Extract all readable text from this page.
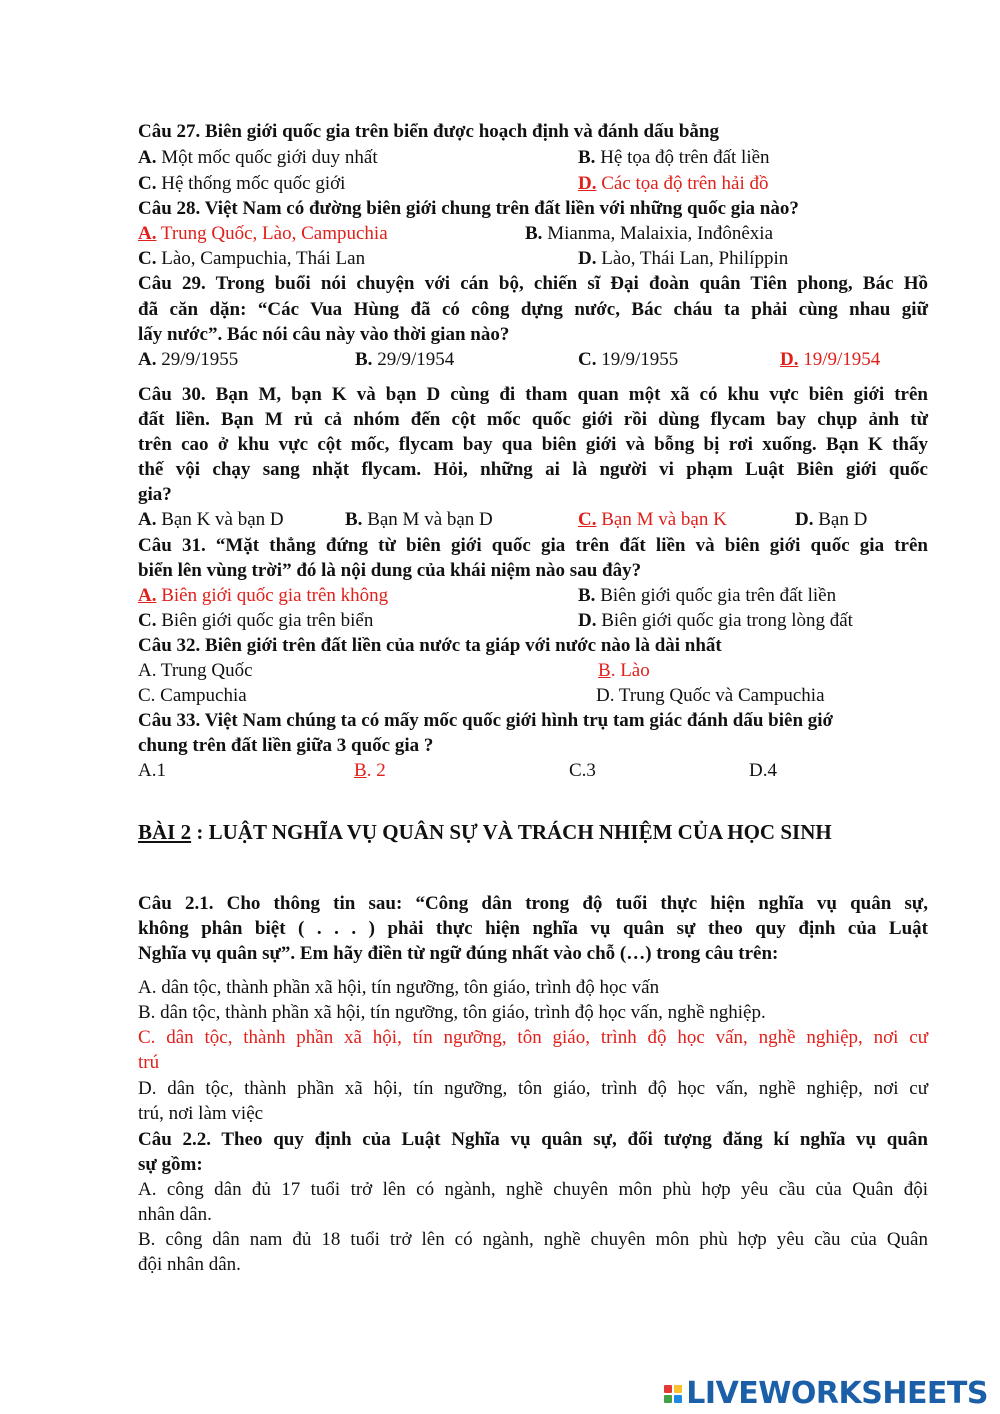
Câu 27. Biên giới quốc gia trên biển được hoạch định và đánh dấu bằng
A. Một mốc quốc giới duy nhất	B. Hệ tọa độ trên đất liền
C. Hệ thống mốc quốc giới	D. Các tọa độ trên hải đồ
Câu 28. Việt Nam có đường biên giới chung trên đất liền với những quốc gia nào?
A. Trung Quốc, Lào, Campuchia	B. Mianma, Malaixia, Inđônêxia
C. Lào, Campuchia, Thái Lan	D. Lào, Thái Lan, Philíppin
Câu 29. Trong buổi nói chuyện với cán bộ, chiến sĩ Đại đoàn quân Tiên phong, Bác Hồ
đã căn dặn: “Các Vua Hùng đã có công dựng nước, Bác cháu ta phải cùng nhau giữ
lấy nước”. Bác nói câu này vào thời gian nào?
A. 29/9/1955	B. 29/9/1954	C. 19/9/1955	D. 19/9/1954
Câu 30. Bạn M, bạn K và bạn D cùng đi tham quan một xã có khu vực biên giới trên
đất liền. Bạn M rủ cả nhóm đến cột mốc quốc giới rồi dùng flycam bay chụp ảnh từ
trên cao ở khu vực cột mốc, flycam bay qua biên giới và bỗng bị rơi xuống. Bạn K thấy
thế vội chạy sang nhặt flycam. Hỏi, những ai là người vi phạm Luật Biên giới quốc
gia?
A. Bạn K và bạn D	B. Bạn M và bạn D	C. Bạn M và bạn K	D. Bạn D
Câu 31. “Mặt thẳng đứng từ biên giới quốc gia trên đất liền và biên giới quốc gia trên
biển lên vùng trời” đó là nội dung của khái niệm nào sau đây?
A. Biên giới quốc gia trên không	B. Biên giới quốc gia trên đất liền
C. Biên giới quốc gia trên biển	D. Biên giới quốc gia trong lòng đất
Câu 32. Biên giới trên đất liền của nước ta giáp với nước nào là dài nhất
A. Trung Quốc	B. Lào
C. Campuchia	D. Trung Quốc và Campuchia
Câu 33. Việt Nam chúng ta có mấy mốc quốc giới hình trụ tam giác đánh dấu biên giớ
chung trên đất liền giữa 3 quốc gia ?
A.1	B. 2	C.3	D.4
BÀI 2 : LUẬT NGHĨA VỤ QUÂN SỰ VÀ TRÁCH NHIỆM CỦA HỌC SINH
Câu 2.1. Cho thông tin sau: “Công dân trong độ tuổi thực hiện nghĩa vụ quân sự,
không phân biệt ( . . . ) phải thực hiện nghĩa vụ quân sự theo quy định của Luật
Nghĩa vụ quân sự”. Em hãy điền từ ngữ đúng nhất vào chỗ (…) trong câu trên:
A. dân tộc, thành phần xã hội, tín ngưỡng, tôn giáo, trình độ học vấn
B. dân tộc, thành phần xã hội, tín ngưỡng, tôn giáo, trình độ học vấn, nghề nghiệp.
C. dân tộc, thành phần xã hội, tín ngưỡng, tôn giáo, trình độ học vấn, nghề nghiệp, nơi cư
trú
D. dân tộc, thành phần xã hội, tín ngưỡng, tôn giáo, trình độ học vấn, nghề nghiệp, nơi cư
trú, nơi làm việc
Câu 2.2. Theo quy định của Luật Nghĩa vụ quân sự, đối tượng đăng kí nghĩa vụ quân
sự gồm:
A. công dân đủ 17 tuổi trở lên có ngành, nghề chuyên môn phù hợp yêu cầu của Quân đội
nhân dân.
B. công dân nam đủ 18 tuổi trở lên có ngành, nghề chuyên môn phù hợp yêu cầu của Quân
đội nhân dân.
LIVEWORKSHEETS
